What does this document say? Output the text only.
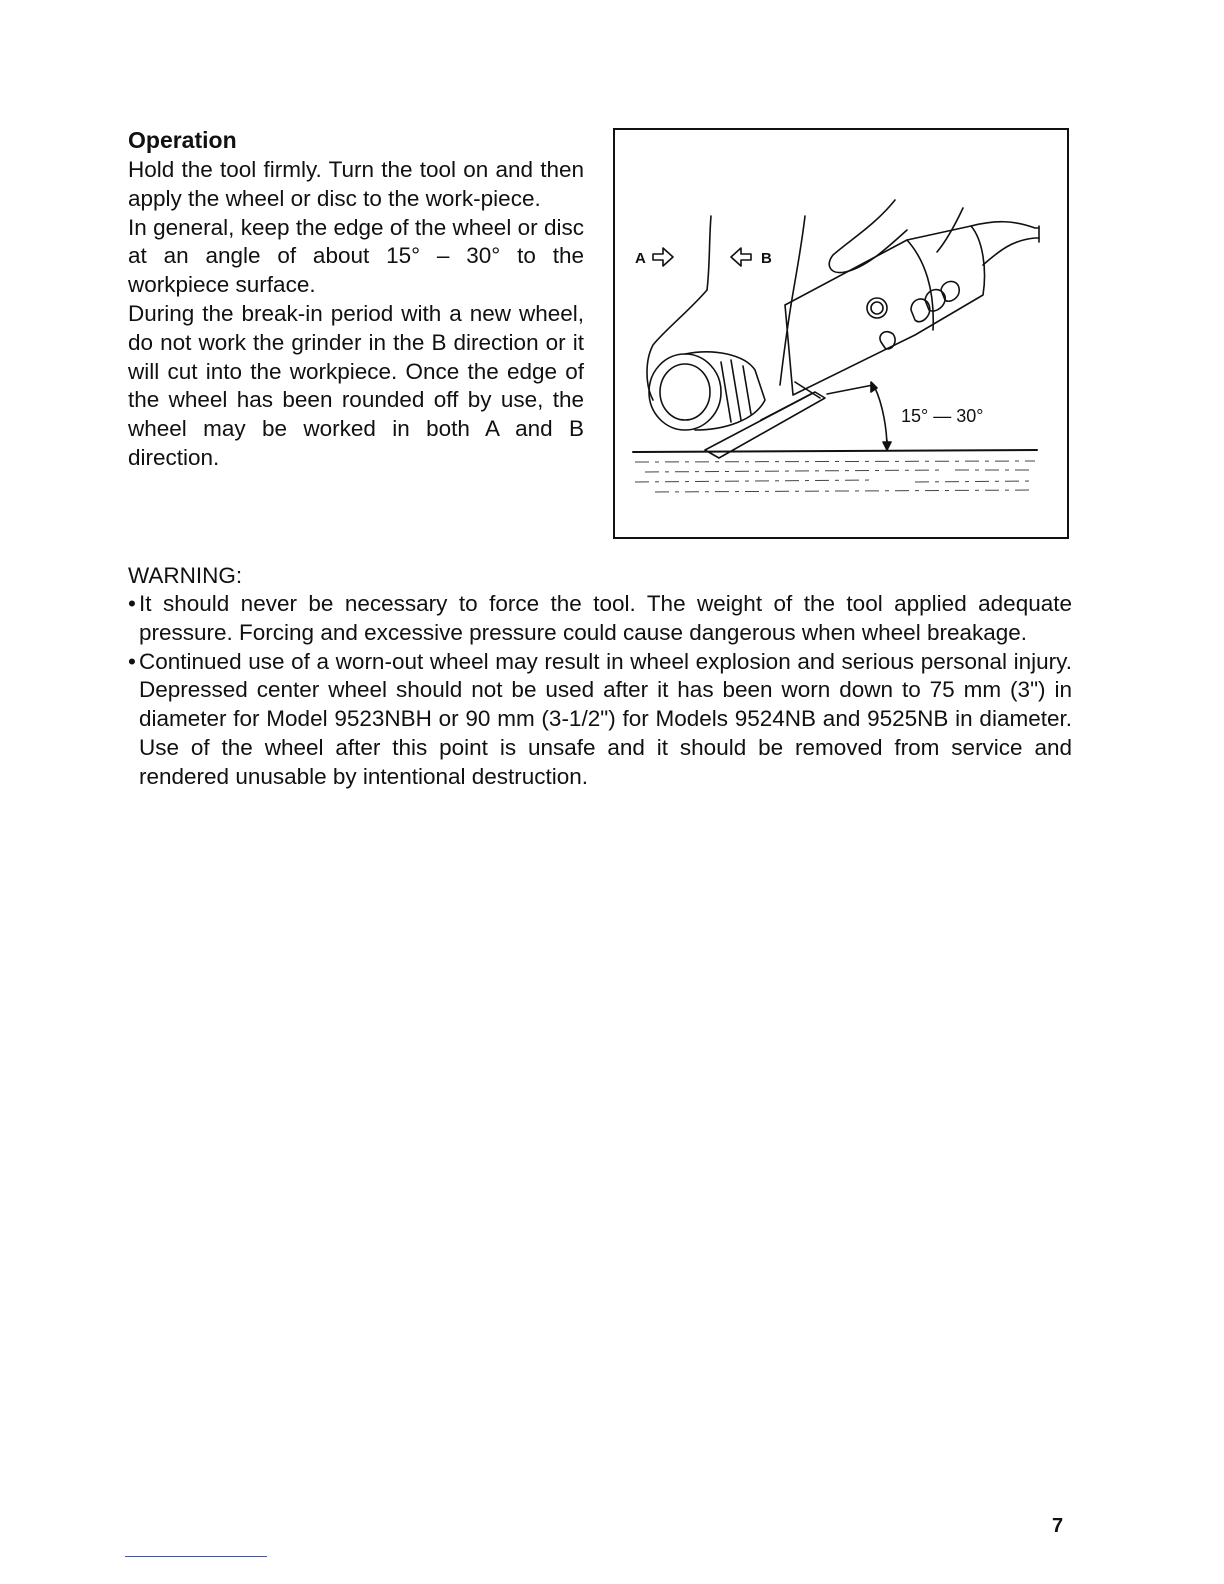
Operation

Hold the tool firmly. Turn the tool on and then apply the wheel or disc to the work-piece.

In general, keep the edge of the wheel or disc at an angle of about 15° – 30° to the workpiece surface.

During the break-in period with a new wheel, do not work the grinder in the B direction or it will cut into the workpiece. Once the edge of the wheel has been rounded off by use, the wheel may be worked in both A and B direction.

A	B
15° — 30°
WARNING:
• It should never be necessary to force the tool. The weight of the tool applied adequate pressure. Forcing and excessive pressure could cause dangerous when wheel breakage.
• Continued use of a worn-out wheel may result in wheel explosion and serious personal injury. Depressed center wheel should not be used after it has been worn down to 75 mm (3") in diameter for Model 9523NBH or 90 mm (3-1/2") for Models 9524NB and 9525NB in diameter. Use of the wheel after this point is unsafe and it should be removed from service and rendered unusable by intentional destruction.
7
